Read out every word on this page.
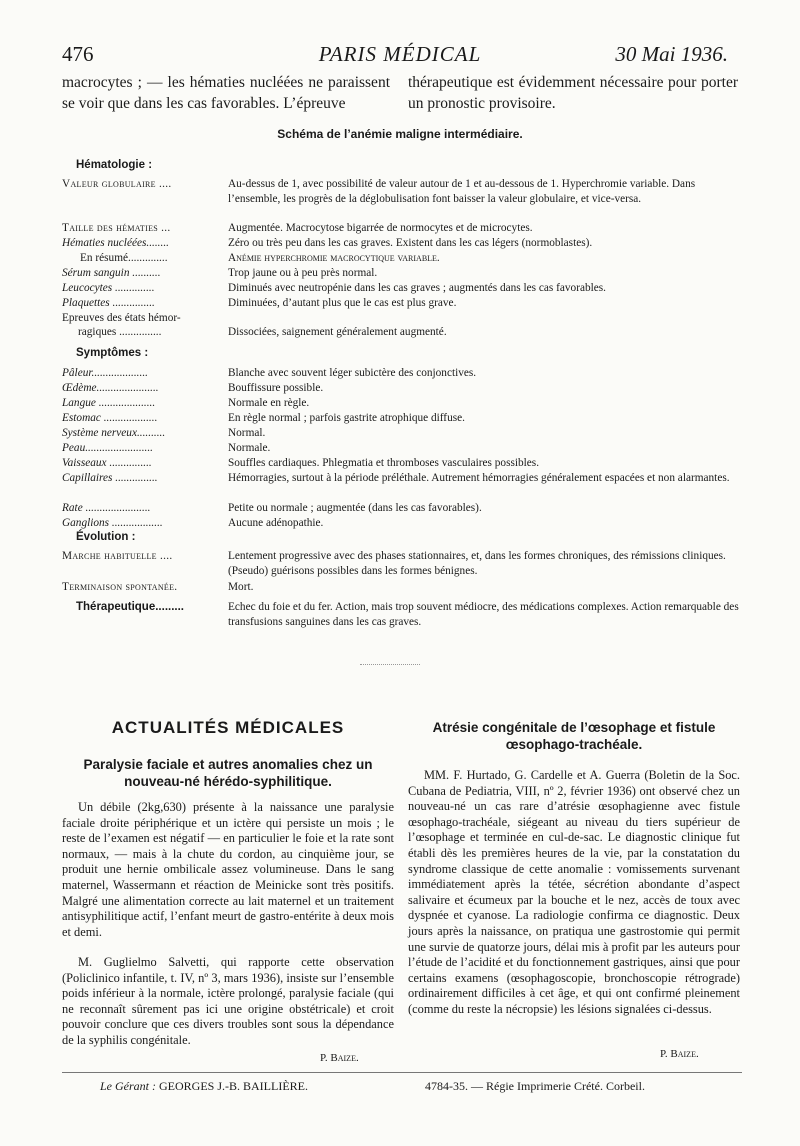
476	PARIS MÉDICAL	30 Mai 1936.
macrocytes ; — les hématies nucléées ne paraissent se voir que dans les cas favorables. L’épreuve
thérapeutique est évidemment nécessaire pour porter un pronostic provisoire.
Schéma de l’anémie maligne intermédiaire.
Hématologie :
Valeur globulaire ....	Au-dessus de 1, avec possibilité de valeur autour de 1 et au-dessous de 1. Hyperchromie variable. Dans l’ensemble, les progrès de la déglobulisation font baisser la valeur globulaire, et vice-versa.
Taille des hématies ...	Augmentée. Macrocytose bigarrée de normocytes et de microcytes.
Hématies nucléées........	Zéro ou très peu dans les cas graves. Existent dans les cas légers (normoblastes).
En résumé..............	Anémie hyperchromie macrocytique variable.
Sérum sanguin ..........	Trop jaune ou à peu près normal.
Leucocytes ..............	Diminués avec neutropénie dans les cas graves ; augmentés dans les cas favorables.
Plaquettes ...............	Diminuées, d’autant plus que le cas est plus grave.
Epreuves des états hémor-
ragiques ...............	Dissociées, saignement généralement augmenté.
Symptômes :
Pâleur....................	Blanche avec souvent léger subictère des conjonctives.
Œdème......................	Bouffissure possible.
Langue ....................	Normale en règle.
Estomac ...................	En règle normal ; parfois gastrite atrophique diffuse.
Système nerveux..........	Normal.
Peau........................	Normale.
Vaisseaux ...............	Souffles cardiaques. Phlegmatia et thromboses vasculaires possibles.
Capillaires ...............	Hémorragies, surtout à la période préléthale. Autrement hémorragies généralement espacées et non alarmantes.
Rate .......................	Petite ou normale ; augmentée (dans les cas favorables).
Ganglions ..................	Aucune adénopathie.
Évolution :
Marche habituelle ....	Lentement progressive avec des phases stationnaires, et, dans les formes chroniques, des rémissions cliniques. (Pseudo) guérisons possibles dans les formes bénignes.
Terminaison spontanée.	Mort.
Thérapeutique.........	Echec du foie et du fer. Action, mais trop souvent médiocre, des médications complexes. Action remarquable des transfusions sanguines dans les cas graves.
ACTUALITÉS MÉDICALES
Paralysie faciale et autres anomalies chez un nouveau-né hérédo-syphilitique.
Un débile (2kg,630) présente à la naissance une paralysie faciale droite périphérique et un ictère qui persiste un mois ; le reste de l’examen est négatif — en particulier le foie et la rate sont normaux, — mais à la chute du cordon, au cinquième jour, se produit une hernie ombilicale assez volumineuse. Dans le sang maternel, Wassermann et réaction de Meinicke sont très positifs. Malgré une alimentation correcte au lait maternel et un traitement antisyphilitique actif, l’enfant meurt de gastro-entérite à deux mois et demi.
M. Guglielmo Salvetti, qui rapporte cette observation (Policlinico infantile, t. IV, nº 3, mars 1936), insiste sur l’ensemble poids inférieur à la normale, ictère prolongé, paralysie faciale (qui ne reconnaît sûrement pas ici une origine obstétricale) et croit pouvoir conclure que ces divers troubles sont sous la dépendance de la syphilis congénitale.
P. Baize.
Atrésie congénitale de l’œsophage et fistule œsophago-trachéale.
MM. F. Hurtado, G. Cardelle et A. Guerra (Boletin de la Soc. Cubana de Pediatria, VIII, nº 2, février 1936) ont observé chez un nouveau-né un cas rare d’atrésie œsophagienne avec fistule œsophago-trachéale, siégeant au niveau du tiers supérieur de l’œsophage et terminée en cul-de-sac. Le diagnostic clinique fut établi dès les premières heures de la vie, par la constatation du syndrome classique de cette anomalie : vomissements survenant immédiatement après la tétée, sécrétion abondante d’aspect salivaire et écumeux par la bouche et le nez, accès de toux avec dyspnée et cyanose. La radiologie confirma ce diagnostic. Deux jours après la naissance, on pratiqua une gastrostomie qui permit une survie de quatorze jours, délai mis à profit par les auteurs pour l’étude de l’acidité et du fonctionnement gastriques, ainsi que pour certains examens (œsophagoscopie, bronchoscopie rétrograde) ordinairement difficiles à cet âge, et qui ont confirmé pleinement (comme du reste la nécropsie) les lésions signalées ci-dessus.
P. Baize.
Le Gérant : GEORGES J.-B. BAILLIÈRE.	4784-35. — Régie Imprimerie Crété. Corbeil.
